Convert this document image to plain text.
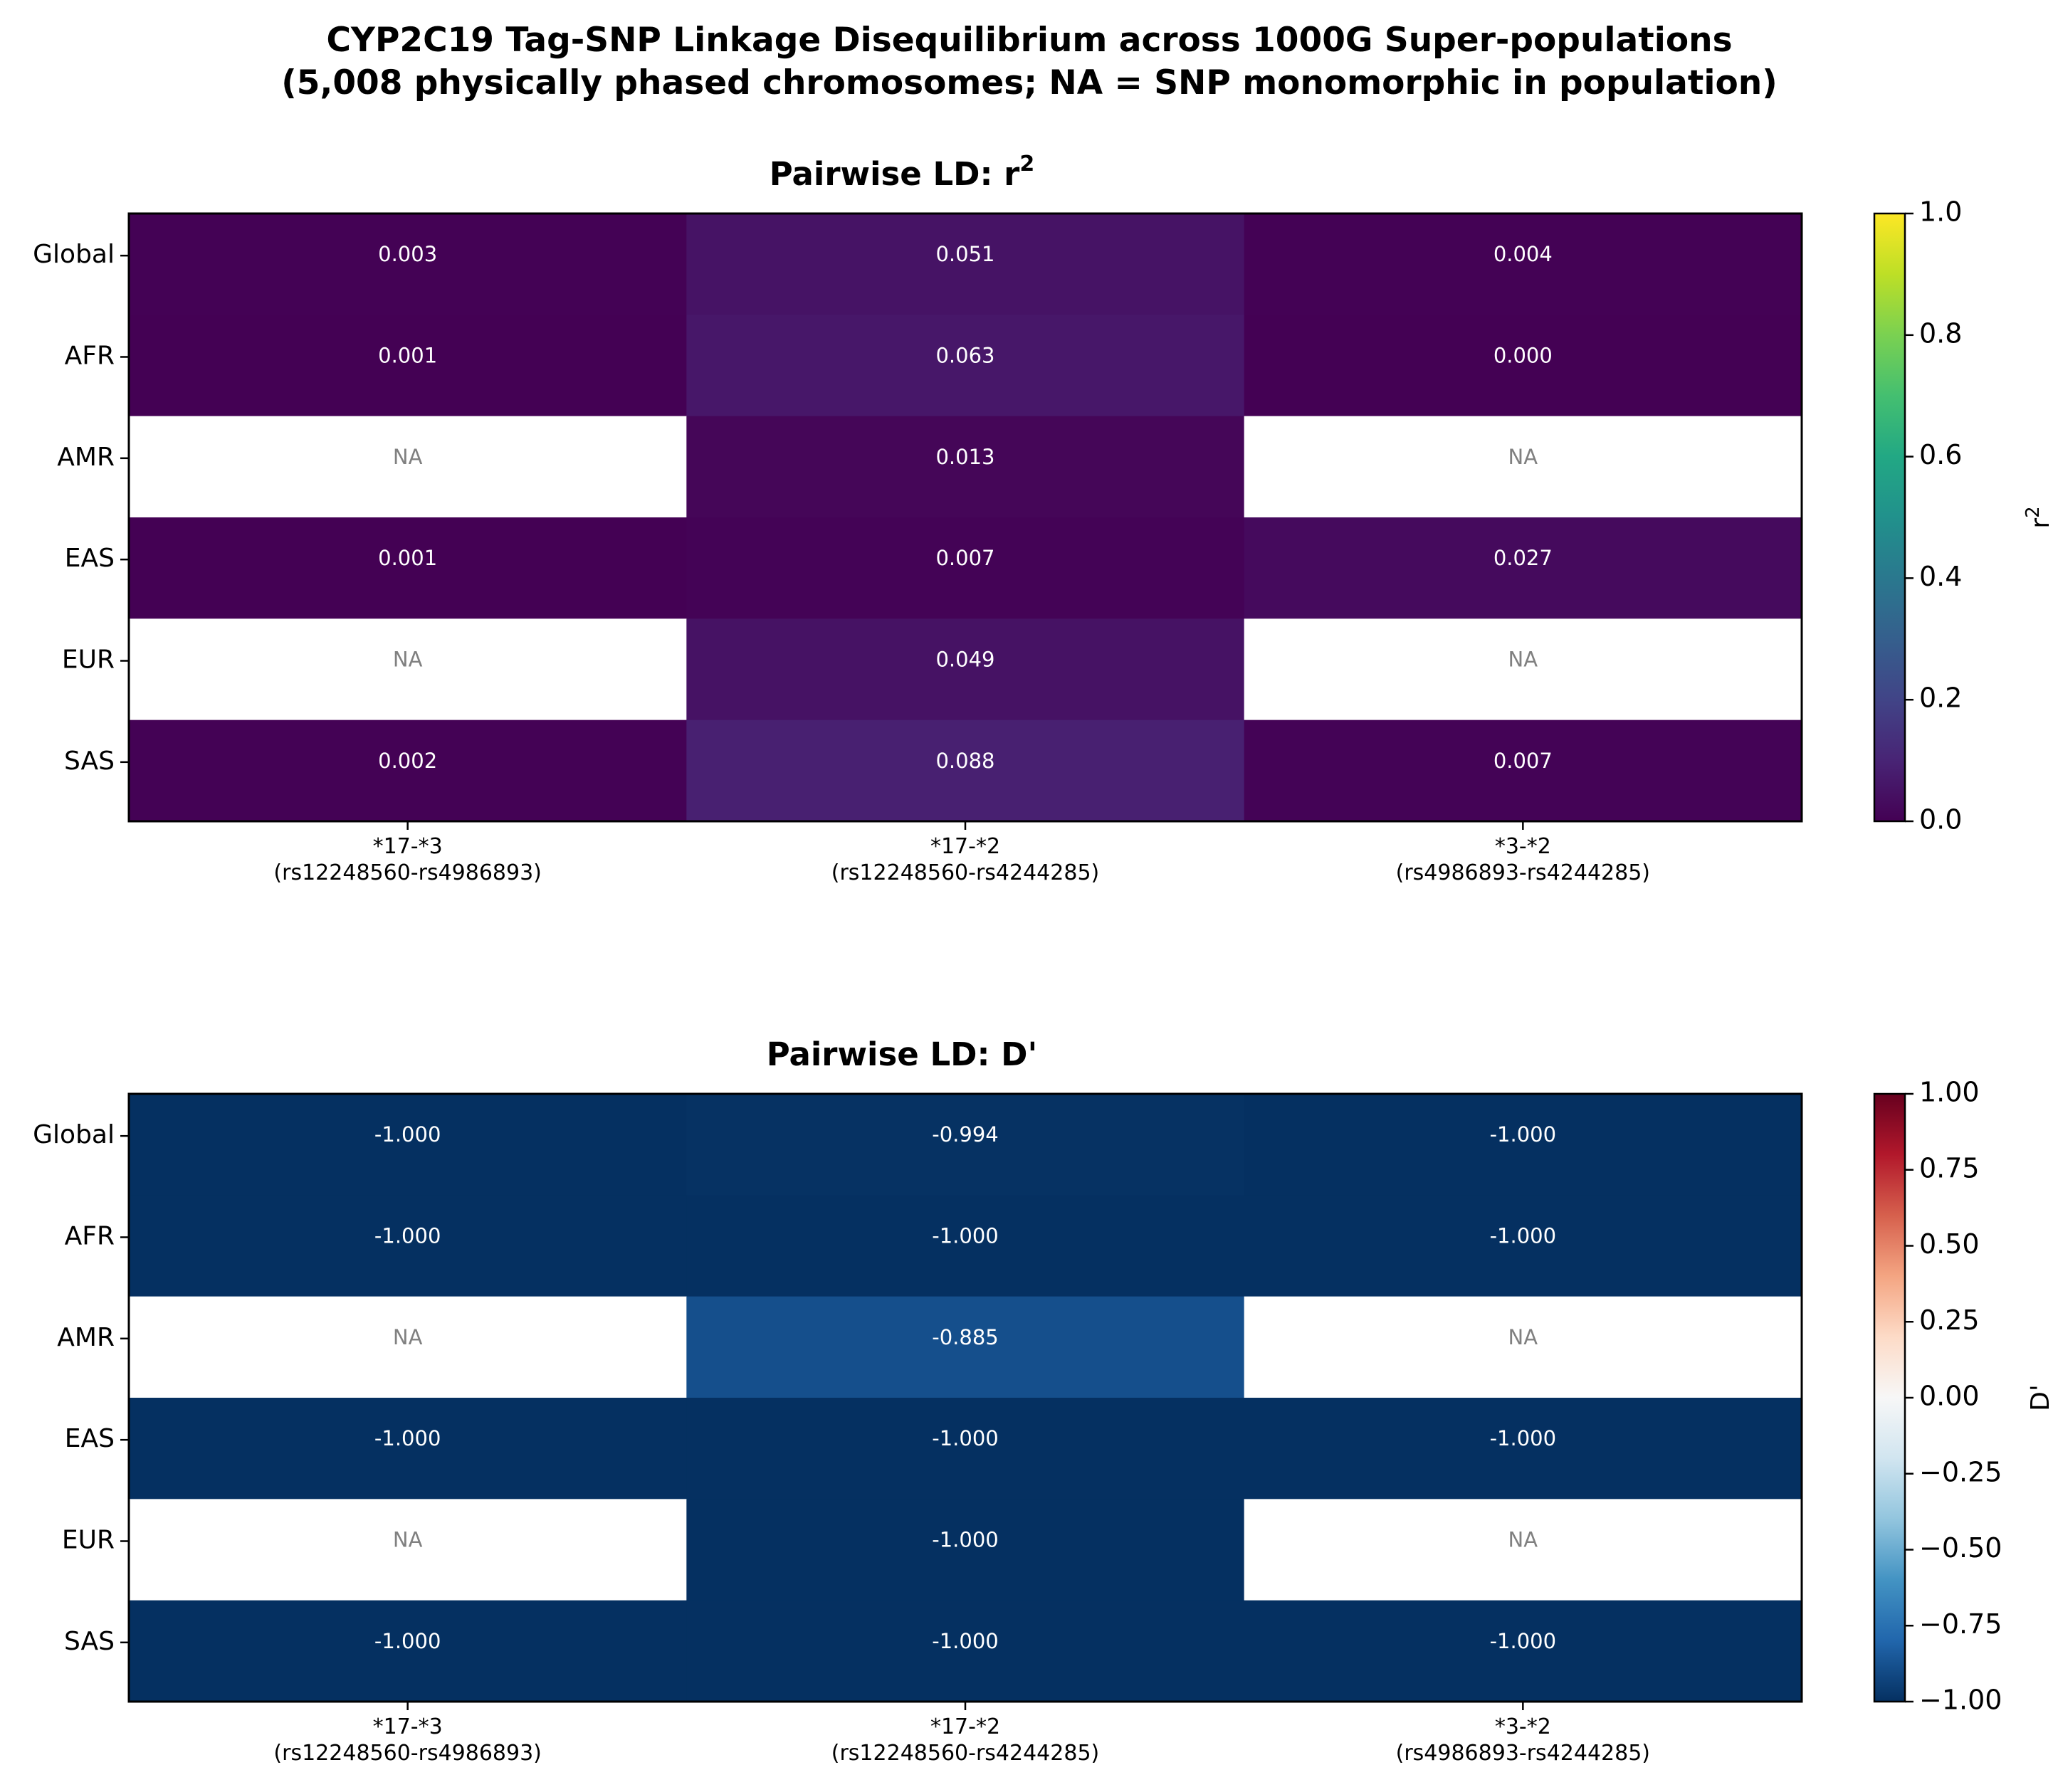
CYP2C19 Tag-SNP Linkage Disequilibrium across 1000G Super-populations
(5,008 physically phased chromosomes; NA = SNP monomorphic in population)
Pairwise LD: $r^2$
0.003	0.051	0.004
0.001	0.063	0.000
NA	0.013	NA
0.001	0.007	0.027
NA	0.049	NA
0.002	0.088	0.007
Global
AFR
AMR
EAS
EUR
SAS
*17-*3
(rs12248560-rs4986893)
*17-*2
(rs12248560-rs4244285)
*3-*2
(rs4986893-rs4244285)
0.0
0.2
0.4
0.6
0.8
1.0
$r^2$
Pairwise LD: D'
-1.000	-0.994	-1.000
-1.000	-1.000	-1.000
NA	-0.885	NA
-1.000	-1.000	-1.000
NA	-1.000	NA
-1.000	-1.000	-1.000
Global
AFR
AMR
EAS
EUR
SAS
*17-*3
(rs12248560-rs4986893)
*17-*2
(rs12248560-rs4244285)
*3-*2
(rs4986893-rs4244285)
1.00
0.75
0.50
0.25
0.00
−0.25
−0.50
−0.75
−1.00
D'
